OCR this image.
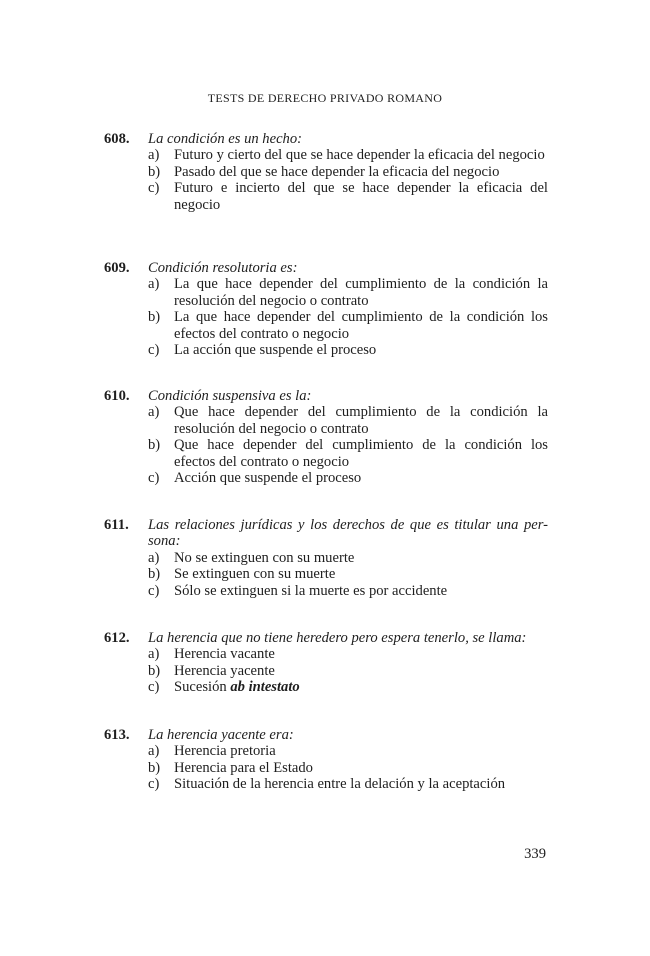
TESTS DE DERECHO PRIVADO ROMANO
608. La condición es un hecho:
a) Futuro y cierto del que se hace depender la eficacia del negocio
b) Pasado del que se hace depender la eficacia del negocio
c) Futuro e incierto del que se hace depender la eficacia del negocio
609. Condición resolutoria es:
a) La que hace depender del cumplimiento de la condición la resolución del negocio o contrato
b) La que hace depender del cumplimiento de la condición los efectos del contrato o negocio
c) La acción que suspende el proceso
610. Condición suspensiva es la:
a) Que hace depender del cumplimiento de la condición la resolución del negocio o contrato
b) Que hace depender del cumplimiento de la condición los efectos del contrato o negocio
c) Acción que suspende el proceso
611. Las relaciones jurídicas y los derechos de que es titular una per-sona:
a) No se extinguen con su muerte
b) Se extinguen con su muerte
c) Sólo se extinguen si la muerte es por accidente
612. La herencia que no tiene heredero pero espera tenerlo, se llama:
a) Herencia vacante
b) Herencia yacente
c) Sucesión ab intestato
613. La herencia yacente era:
a) Herencia pretoria
b) Herencia para el Estado
c) Situación de la herencia entre la delación y la aceptación
339
